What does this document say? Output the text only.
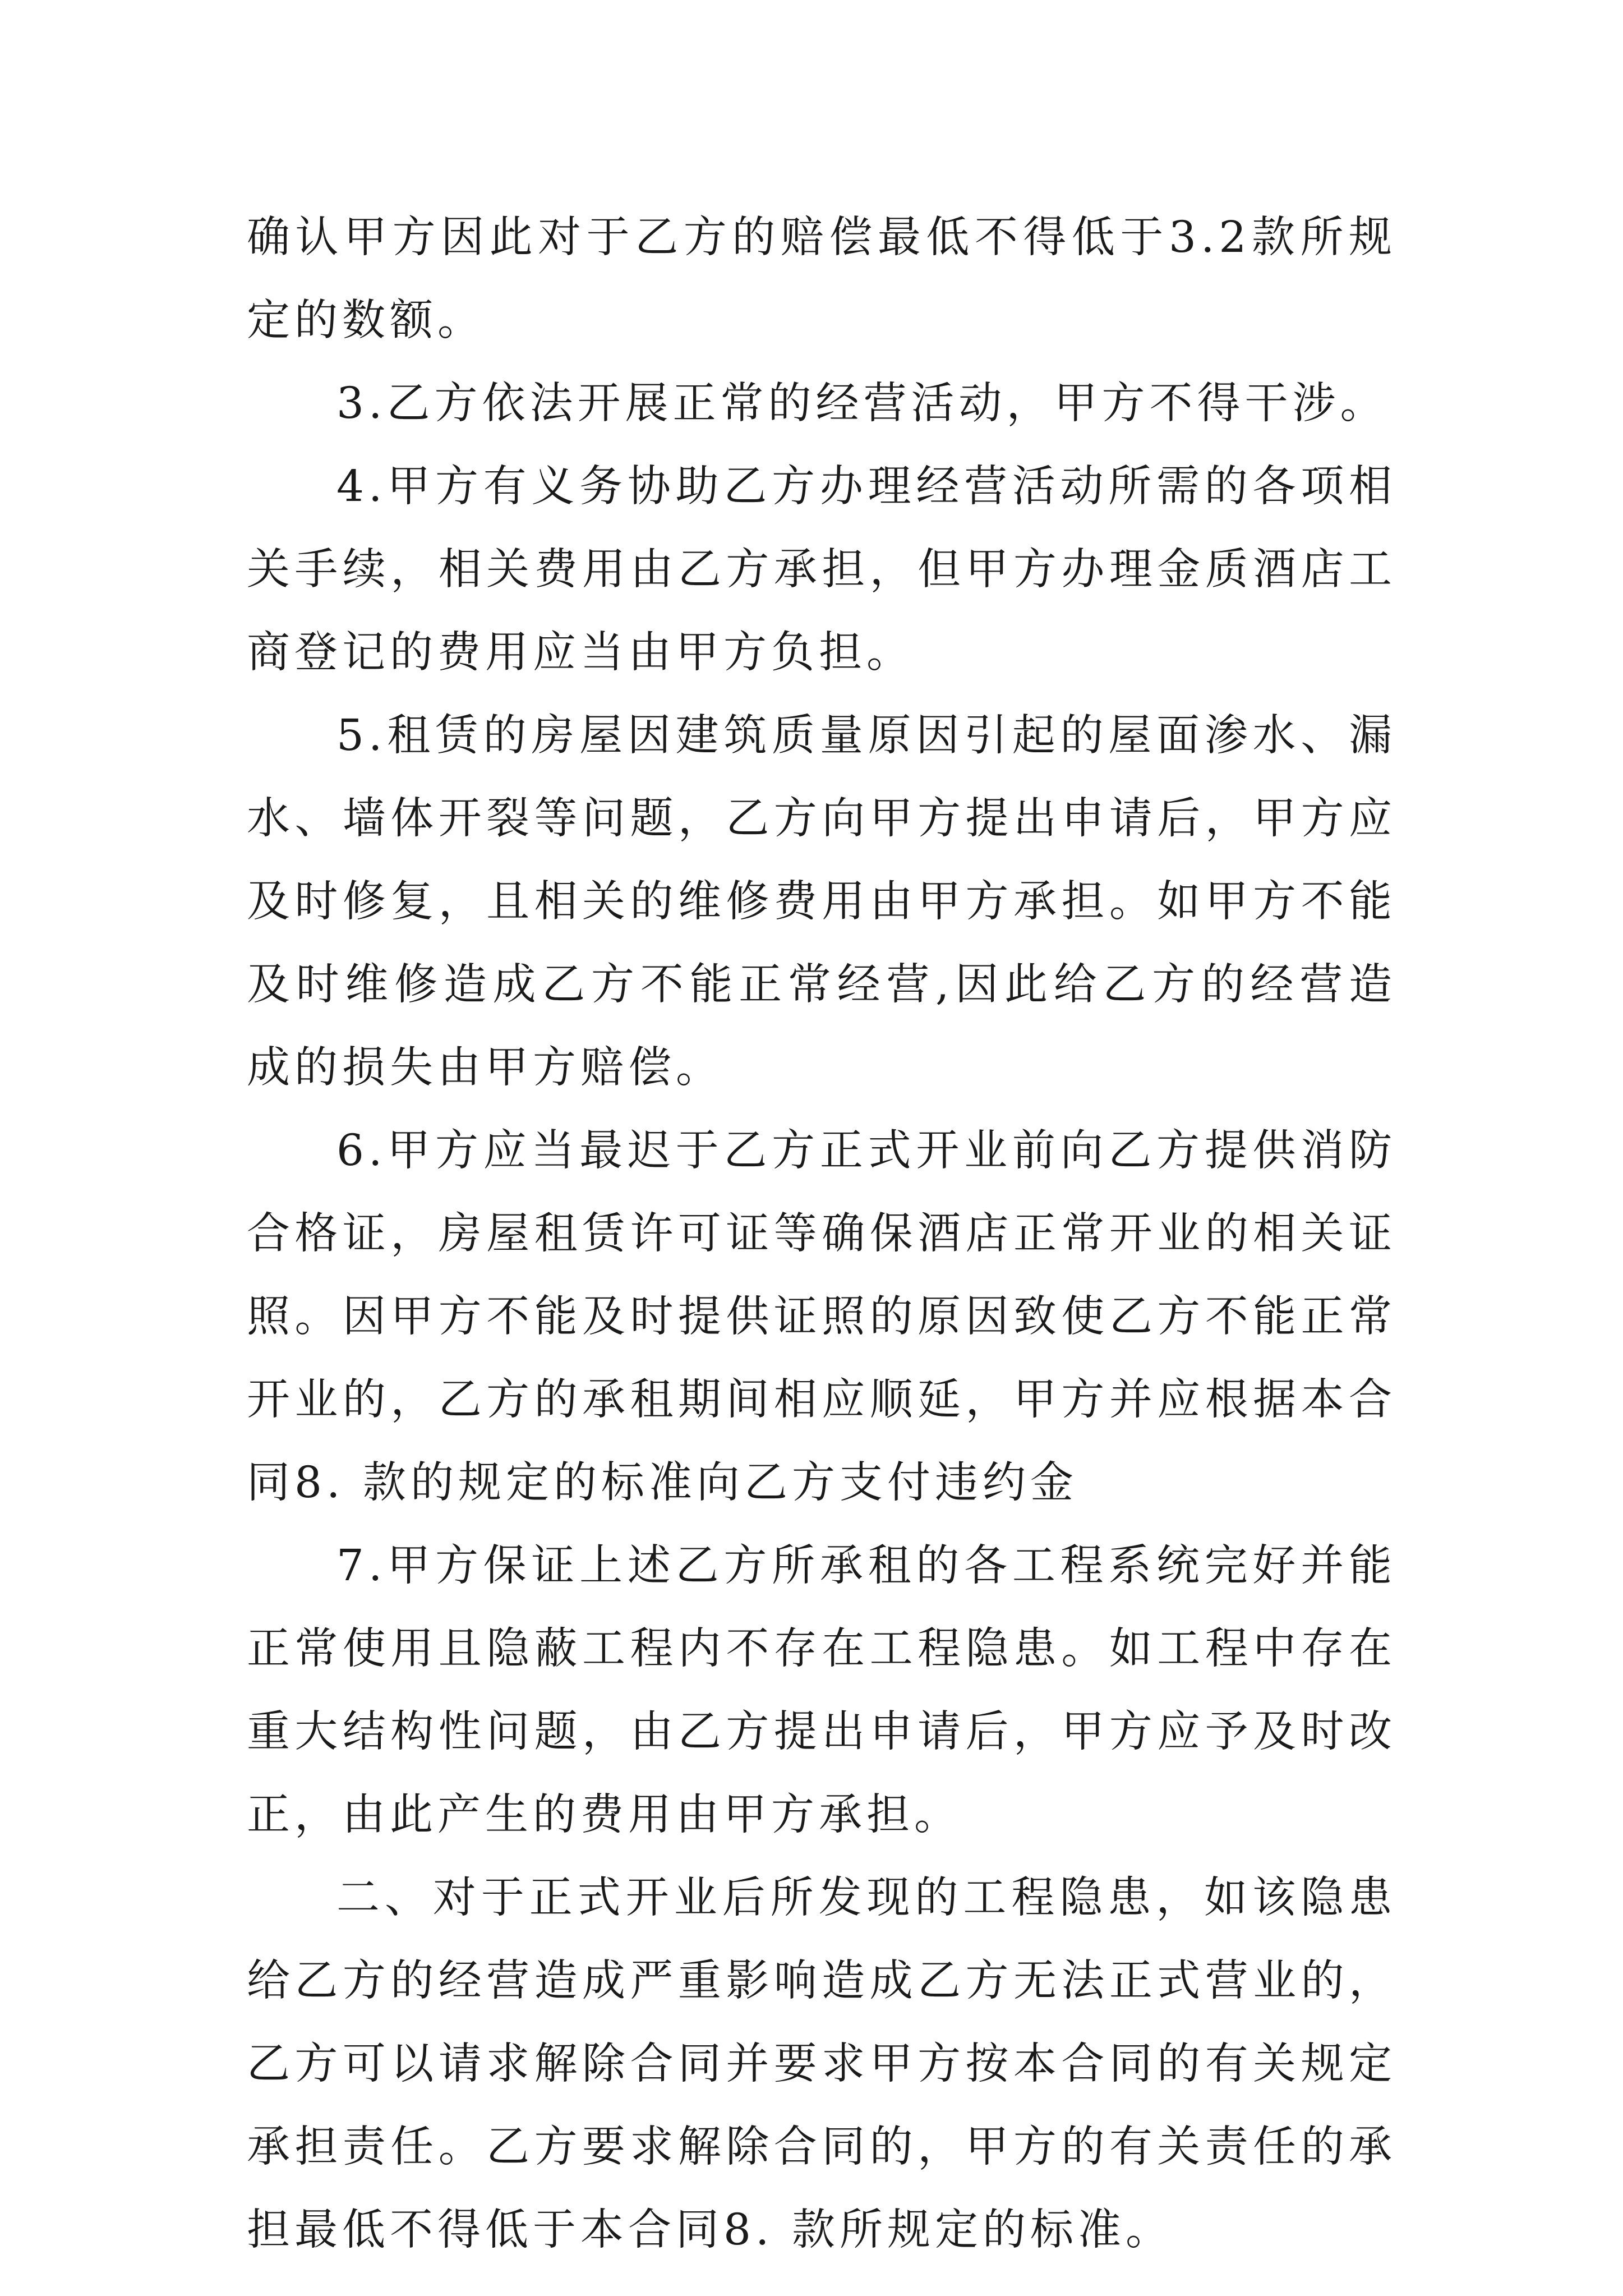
确认甲方因此对于乙方的赔偿最低不得低于3.2款所规定的数额。

3.乙方依法开展正常的经营活动，甲方不得干涉。

4.甲方有义务协助乙方办理经营活动所需的各项相关手续，相关费用由乙方承担，但甲方办理金质酒店工商登记的费用应当由甲方负担。

5.租赁的房屋因建筑质量原因引起的屋面渗水、漏水、墙体开裂等问题，乙方向甲方提出申请后，甲方应及时修复，且相关的维修费用由甲方承担。如甲方不能及时维修造成乙方不能正常经营,因此给乙方的经营造成的损失由甲方赔偿。

6.甲方应当最迟于乙方正式开业前向乙方提供消防合格证，房屋租赁许可证等确保酒店正常开业的相关证照。因甲方不能及时提供证照的原因致使乙方不能正常开业的，乙方的承租期间相应顺延，甲方并应根据本合同8. 款的规定的标准向乙方支付违约金

7.甲方保证上述乙方所承租的各工程系统完好并能正常使用且隐蔽工程内不存在工程隐患。如工程中存在重大结构性问题，由乙方提出申请后，甲方应予及时改正，由此产生的费用由甲方承担。

二、对于正式开业后所发现的工程隐患，如该隐患给乙方的经营造成严重影响造成乙方无法正式营业的，乙方可以请求解除合同并要求甲方按本合同的有关规定承担责任。乙方要求解除合同的，甲方的有关责任的承担最低不得低于本合同8. 款所规定的标准。
